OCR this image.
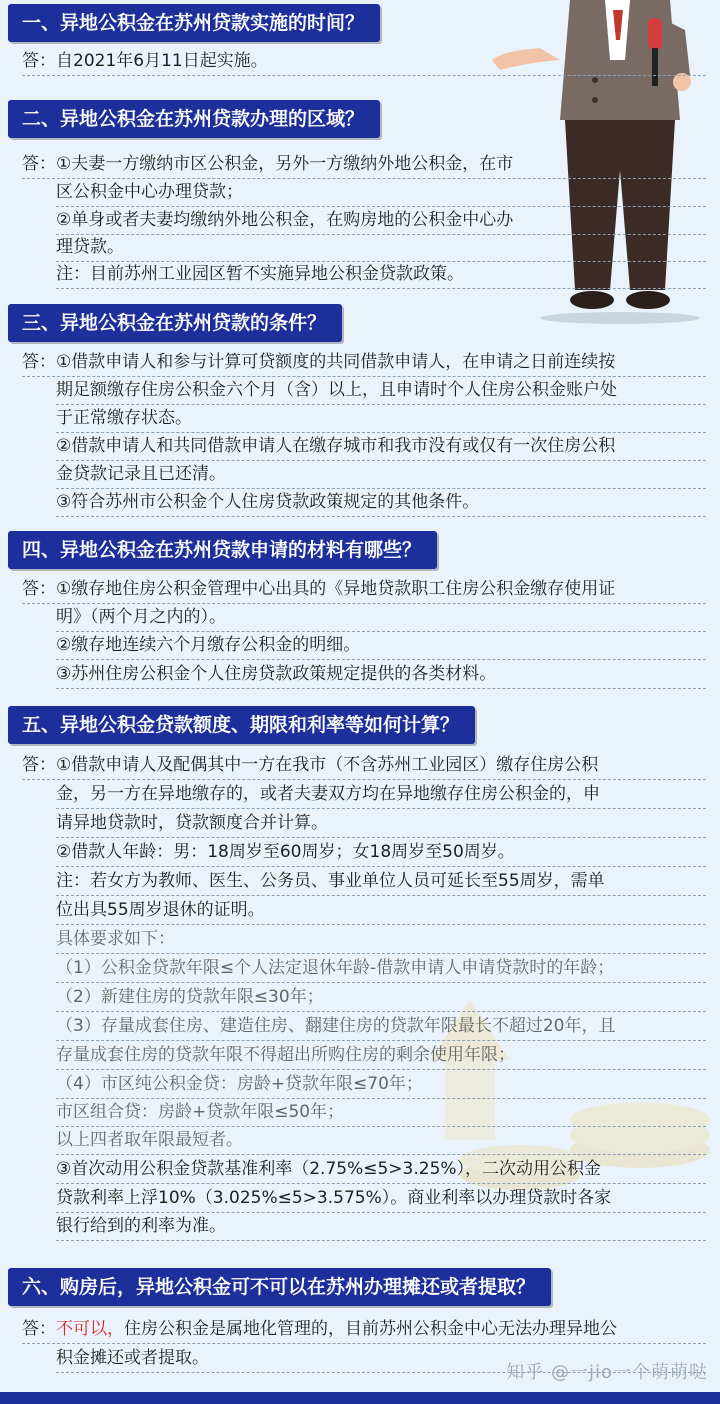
一、异地公积金在苏州贷款实施的时间？
答：自2021年6月11日起实施。
二、异地公积金在苏州贷款办理的区域？
答：①夫妻一方缴纳市区公积金，另外一方缴纳外地公积金，在市
区公积金中心办理贷款；
②单身或者夫妻均缴纳外地公积金，在购房地的公积金中心办
理贷款。
注：目前苏州工业园区暂不实施异地公积金贷款政策。
三、异地公积金在苏州贷款的条件？
答：①借款申请人和参与计算可贷额度的共同借款申请人，在申请之日前连续按
期足额缴存住房公积金六个月（含）以上，且申请时个人住房公积金账户处
于正常缴存状态。
②借款申请人和共同借款申请人在缴存城市和我市没有或仅有一次住房公积
金贷款记录且已还清。
③符合苏州市公积金个人住房贷款政策规定的其他条件。
四、异地公积金在苏州贷款申请的材料有哪些？
答：①缴存地住房公积金管理中心出具的《异地贷款职工住房公积金缴存使用证
明》（两个月之内的）。
②缴存地连续六个月缴存公积金的明细。
③苏州住房公积金个人住房贷款政策规定提供的各类材料。
五、异地公积金贷款额度、期限和利率等如何计算？
答：①借款申请人及配偶其中一方在我市（不含苏州工业园区）缴存住房公积
金，另一方在异地缴存的，或者夫妻双方均在异地缴存住房公积金的，申
请异地贷款时，贷款额度合并计算。
②借款人年龄：男：18周岁至60周岁；女18周岁至50周岁。
注：若女方为教师、医生、公务员、事业单位人员可延长至55周岁，需单
位出具55周岁退休的证明。
具体要求如下：
（1）公积金贷款年限≤个人法定退休年龄-借款申请人申请贷款时的年龄；
（2）新建住房的贷款年限≤30年；
（3）存量成套住房、建造住房、翻建住房的贷款年限最长不超过20年，且
存量成套住房的贷款年限不得超出所购住房的剩余使用年限；
（4）市区纯公积金贷：房龄+贷款年限≤70年；
市区组合贷：房龄+贷款年限≤50年；
以上四者取年限最短者。
③首次动用公积金贷款基准利率（2.75%≤5>3.25%），二次动用公积金
贷款利率上浮10%（3.025%≤5>3.575%）。商业利率以办理贷款时各家
银行给到的利率为准。
六、购房后，异地公积金可不可以在苏州办理摊还或者提取？
答：不可以，住房公积金是属地化管理的，目前苏州公积金中心无法办理异地公
积金摊还或者提取。
知乎 @一jio一个萌萌哒
